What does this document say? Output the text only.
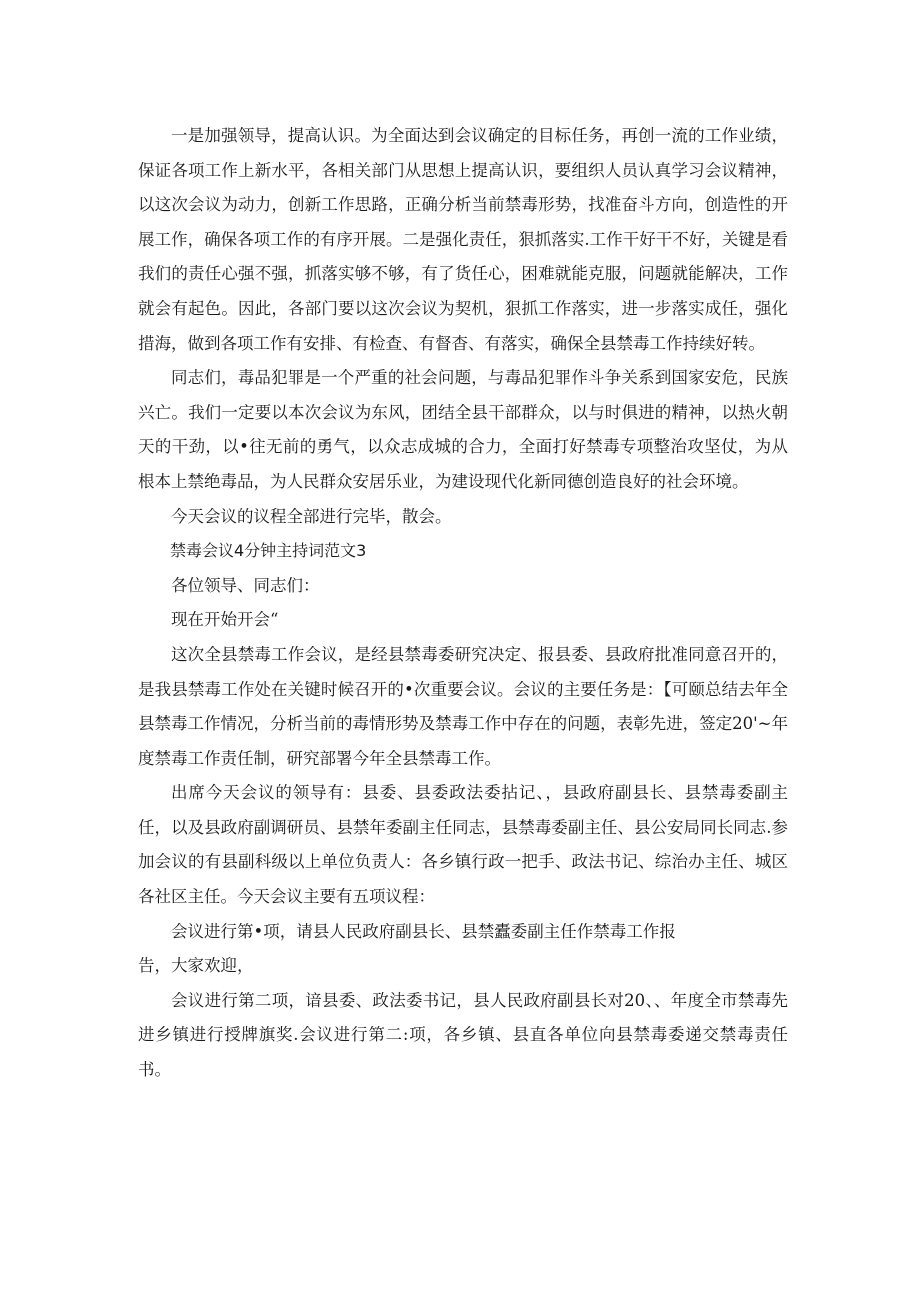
一是加强领导，提高认识。为全面达到会议确定的目标任务，再创一流的工作业绩，保证各项工作上新水平，各相关部门从思想上提高认识，要组织人员认真学习会议精神，以这次会议为动力，创新工作思路，正确分析当前禁毒形势，找准奋斗方向，创造性的开展工作，确保各项工作的有序开展。二是强化责任，狠抓落实.工作干好干不好，关键是看我们的责任心强不强，抓落实够不够，有了货任心，困难就能克服，问题就能解决，工作就会有起色。因此，各部门要以这次会议为契机，狠抓工作落实，进一步落实成任，强化措海，做到各项工作有安排、有检查、有督杳、有落实，确保全县禁毒工作持续好转。

同志们，毒品犯罪是一个严重的社会问题，与毒品犯罪作斗争关系到国家安危，民族兴亡。我们一定要以本次会议为东风，团结全县干部群众，以与时俱进的精神，以热火朝天的干劲，以•往无前的勇气，以众志成城的合力，全面打好禁毒专项整治攻坚仗，为从根本上禁绝毒品，为人民群众安居乐业，为建设现代化新同德创造良好的社会环境。

今天会议的议程全部进行完毕，散会。

禁毒会议4分钟主持词范文3

各位领导、同志们：

现在开始开会“

这次全县禁毒工作会议，是经县禁毒委研究决定、报县委、县政府批准同意召开的，是我县禁毒工作处在关键时候召开的•次重要会议。会议的主要任务是：【可颐总结去年全县禁毒工作情况，分析当前的毒情形势及禁毒工作中存在的问题，表彰先进，签定20'~年度禁毒工作责任制，研究部署今年全县禁毒工作。

出席今天会议的领导有：县委、县委政法委拈记、，县政府副县长、县禁毒委副主任，以及县政府副调研员、县禁年委副主任同志，县禁毒委副主任、县公安局同长同志.参加会议的有县副科级以上单位负责人：各乡镇行政一把手、政法书记、综治办主任、城区各社区主任。今天会议主要有五项议程：

会议进行第•项，请县人民政府副县长、县禁蠹委副主任作禁毒工作报

告，大家欢迎，

会议进行第二项，谙县委、政法委书记，县人民政府副县长对20、、年度全市禁毒先进乡镇进行授牌旗奖.会议进行第二:项，各乡镇、县直各单位向县禁毒委递交禁毒责任书。
